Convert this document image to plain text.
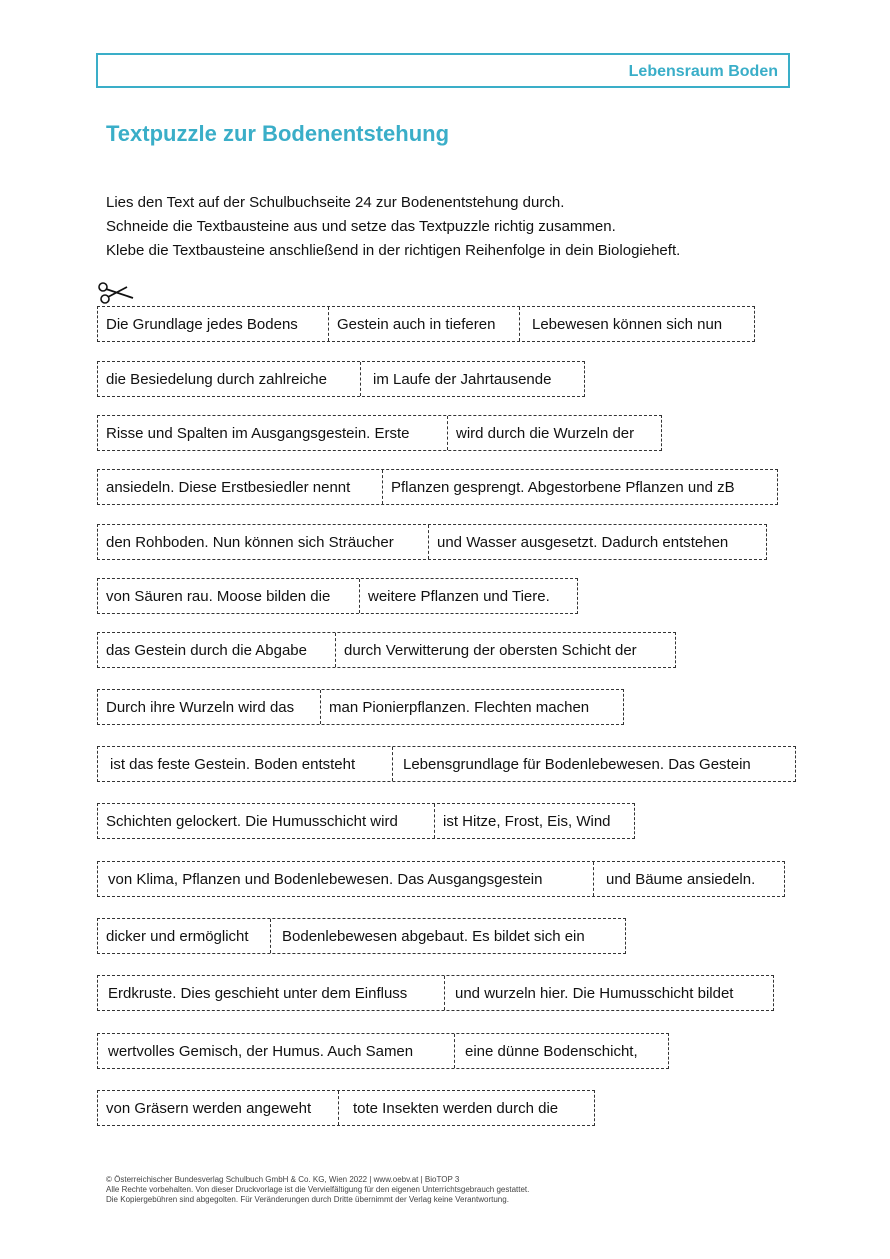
Lebensraum Boden
Textpuzzle zur Bodenentstehung
Lies den Text auf der Schulbuchseite 24 zur Bodenentstehung durch.
Schneide die Textbausteine aus und setze das Textpuzzle richtig zusammen.
Klebe die Textbausteine anschließend in der richtigen Reihenfolge in dein Biologieheft.
Die Grundlage jedes Bodens	Gestein auch in tieferen	Lebewesen können sich nun
die Besiedelung durch zahlreiche	im Laufe der Jahrtausende
Risse und Spalten im Ausgangsgestein. Erste	wird durch die Wurzeln der
ansiedeln. Diese Erstbesiedler nennt	Pflanzen gesprengt. Abgestorbene Pflanzen und zB
den Rohboden. Nun können sich Sträucher	und Wasser ausgesetzt. Dadurch entstehen
von Säuren rau. Moose bilden die	weitere Pflanzen und Tiere.
das Gestein durch die Abgabe	durch Verwitterung der obersten Schicht der
Durch ihre Wurzeln wird das	man Pionierpflanzen. Flechten machen
ist das feste Gestein. Boden entsteht	Lebensgrundlage für Bodenlebewesen. Das Gestein
Schichten gelockert. Die Humusschicht wird	ist Hitze, Frost, Eis, Wind
von Klima, Pflanzen und Bodenlebewesen. Das Ausgangsgestein	und Bäume ansiedeln.
dicker und ermöglicht	Bodenlebewesen abgebaut. Es bildet sich ein
Erdkruste. Dies geschieht unter dem Einfluss	und wurzeln hier. Die Humusschicht bildet
wertvolles Gemisch, der Humus. Auch Samen	eine dünne Bodenschicht,
von Gräsern werden angeweht	tote Insekten werden durch die
© Österreichischer Bundesverlag Schulbuch GmbH & Co. KG, Wien 2022 | www.oebv.at | BioTOP 3
Alle Rechte vorbehalten. Von dieser Druckvorlage ist die Vervielfältigung für den eigenen Unterrichtsgebrauch gestattet.
Die Kopiergebühren sind abgegolten. Für Veränderungen durch Dritte übernimmt der Verlag keine Verantwortung.
